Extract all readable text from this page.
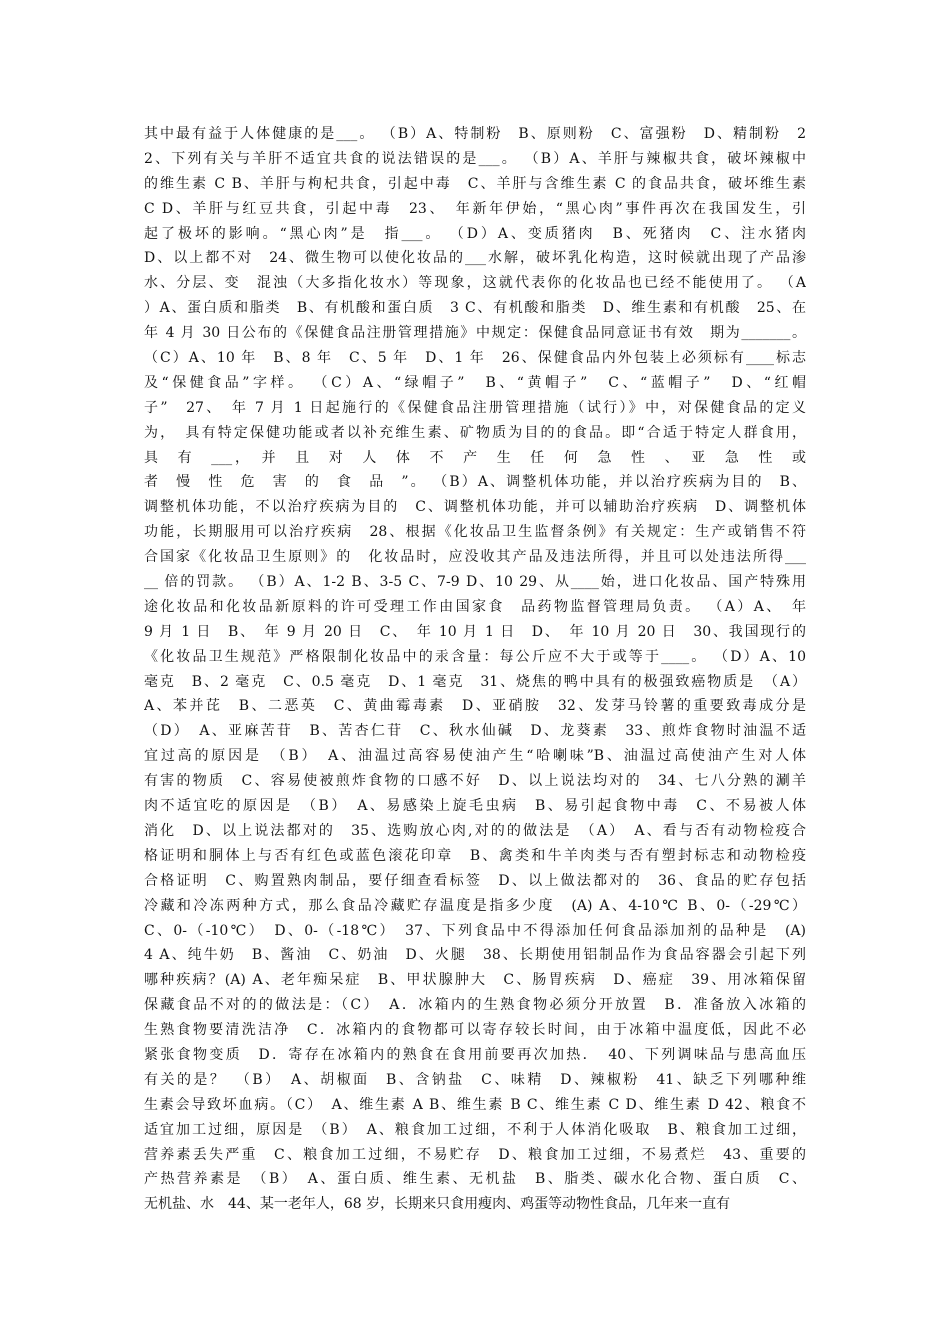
其中最有益于人体健康的是___。 （B）A、特制粉　B、原则粉　C、富强粉　D、精制粉　2
2、下列有关与羊肝不适宜共食的说法错误的是___。 （B）A、羊肝与辣椒共食，破坏辣椒中
的维生素 C B、羊肝与枸杞共食，引起中毒　C、羊肝与含维生素 C 的食品共食，破坏维生素
C D、羊肝与红豆共食，引起中毒　23、　年新年伊始，“黑心肉”事件再次在我国发生，引
起了极坏的影响。“黑心肉”是　指___。 （D）A、变质猪肉　B、死猪肉　C、注水猪肉
D、以上都不对　24、微生物可以使化妆品的___水解，破坏乳化构造，这时候就出现了产品渗
水、分层、变　混浊（大多指化妆水）等现象，这就代表你的化妆品也已经不能使用了。 （A
）A、蛋白质和脂类　B、有机酸和蛋白质　3 C、有机酸和脂类　D、维生素和有机酸　25、在
年 4 月 30 日公布的《保健食品注册管理措施》中规定：保健食品同意证书有效　期为_______。
（C）A、10 年　B、8 年　C、5 年　D、1 年　26、保健食品内外包装上必须标有____标志
及“保健食品”字样。 （C）A、“绿帽子”　B、“黄帽子”　C、“蓝帽子”　D、“红帽
子”　27、　年 7 月 1 日起施行的《保健食品注册管理措施（试行）》中，对保健食品的定义
为，　具有特定保健功能或者以补充维生素、矿物质为目的的食品。即“合适于特定人群食用，
具　有　___，　并　且　对　人　体　不　产　生　任　何　急　性　、　亚　急　性　或
者　慢　性　危　害　的　食　品　”。 （B）A、调整机体功能，并以治疗疾病为目的　B、
调整机体功能，不以治疗疾病为目的　C、调整机体功能，并可以辅助治疗疾病　D、调整机体
功能，长期服用可以治疗疾病　28、根据《化妆品卫生监督条例》有关规定：生产或销售不符
合国家《化妆品卫生原则》的　化妆品时，应没收其产品及违法所得，并且可以处违法所得___
__ 倍的罚款。 （B）A、1-2 B、3-5 C、7-9 D、10 29、从____始，进口化妆品、国产特殊用
途化妆品和化妆品新原料的许可受理工作由国家食　品药物监督管理局负责。 （A）A、　年
9 月 1 日　B、　年 9 月 20 日　C、　年 10 月 1 日　D、　年 10 月 20 日　30、我国现行的
《化妆品卫生规范》严格限制化妆品中的汞含量：每公斤应不大于或等于____。 （D）A、10
毫克　B、2 毫克　C、0.5 毫克　D、1 毫克　31、烧焦的鸭中具有的极强致癌物质是　（A）
A、苯并芘　B、二恶英　C、黄曲霉毒素　D、亚硝胺　32、发芽马铃薯的重要致毒成分是
（D）　A、亚麻苦苷　B、苦杏仁苷　C、秋水仙碱　D、龙葵素　33、煎炸食物时油温不适
宜过高的原因是　（B）　A、油温过高容易使油产生“哈喇味”B、油温过高使油产生对人体
有害的物质　C、容易使被煎炸食物的口感不好　D、以上说法均对的　34、七八分熟的涮羊
肉不适宜吃的原因是　（B）　A、易感染上旋毛虫病　B、易引起食物中毒　C、不易被人体
消化　D、以上说法都对的　35、选购放心肉,对的的做法是　（A）　A、看与否有动物检疫合
格证明和胴体上与否有红色或蓝色滚花印章　B、禽类和牛羊肉类与否有塑封标志和动物检疫
合格证明　C、购置熟肉制品，要仔细查看标签　D、以上做法都对的　36、食品的贮存包括
冷藏和冷冻两种方式，那么食品冷藏贮存温度是指多少度　(A) A、4-10℃ B、0-（-29℃）
C、0-（-10℃）　D、0-（-18℃）　37、下列食品中不得添加任何食品添加剂的品种是　(A)
4 A、纯牛奶　B、酱油　C、奶油　D、火腿　38、长期使用铝制品作为食品容器会引起下列
哪种疾病？(A) A、老年痴呆症　B、甲状腺肿大　C、肠胃疾病　D、癌症　39、用冰箱保留
保藏食品不对的的做法是：（C）　A．冰箱内的生熟食物必须分开放置　B．准备放入冰箱的
生熟食物要清洗洁净　C．冰箱内的食物都可以寄存较长时间，由于冰箱中温度低，因此不必
紧张食物变质　D．寄存在冰箱内的熟食在食用前要再次加热．　40、下列调味品与患高血压
有关的是？　（B）　A、胡椒面　B、含钠盐　C、味精　D、辣椒粉　41、缺乏下列哪种维
生素会导致坏血病。（C）　A、维生素 A B、维生素 B C、维生素 C D、维生素 D 42、粮食不
适宜加工过细，原因是　（B）　A、粮食加工过细，不利于人体消化吸取　B、粮食加工过细，
营养素丢失严重　C、粮食加工过细，不易贮存　D、粮食加工过细，不易煮烂　43、重要的
产热营养素是　（B）　A、蛋白质、维生素、无机盐　B、脂类、碳水化合物、蛋白质　C、
无机盐、水　44、某一老年人，68 岁，长期来只食用瘦肉、鸡蛋等动物性食品，几年来一直有
